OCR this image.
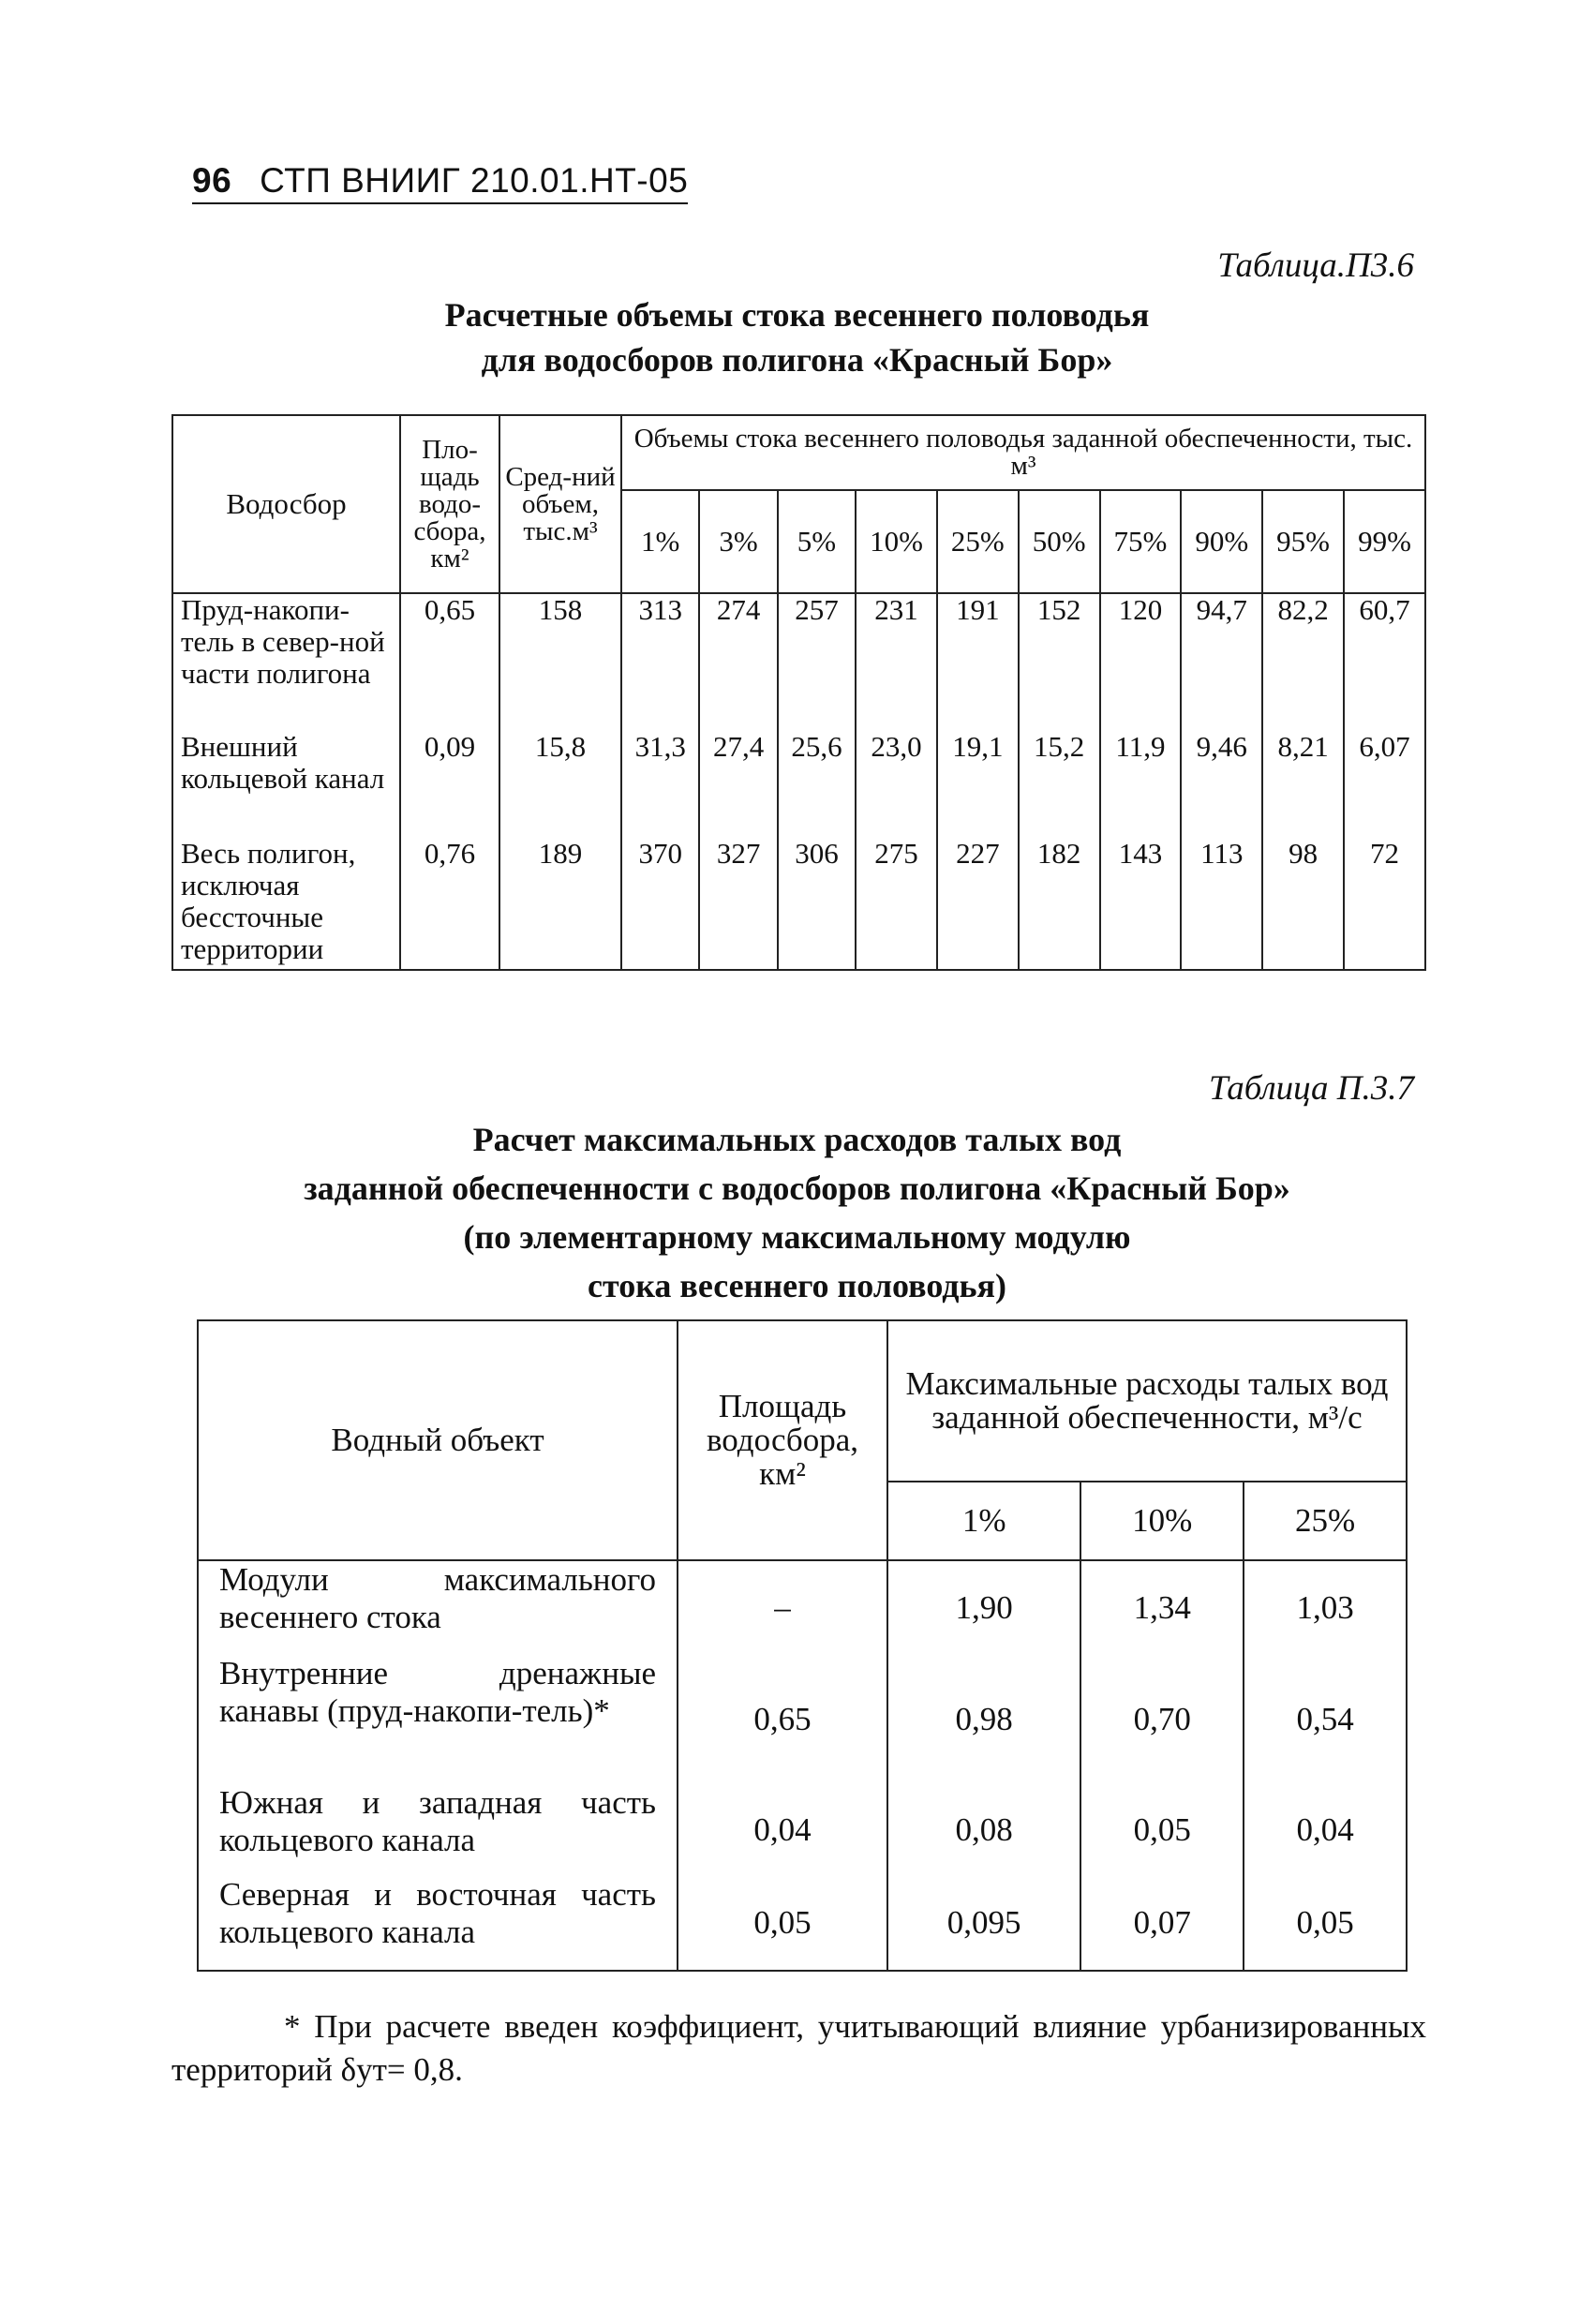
96 СТП ВНИИГ 210.01.НТ-05
Таблица.П3.6
Расчетные объемы стока весеннего половодья
для водосборов полигона «Красный Бор»
Водосбор	Пло-щадь водо-сбора, км²	Сред-ний объем, тыс.м³	Объемы стока весеннего половодья заданной обеспеченности, тыс. м³									
			1%	3%	5%	10%	25%	50%	75%	90%	95%	99%
Пруд-накопи-тель в север-ной части полигона	0,65	158	313	274	257	231	191	152	120	94,7	82,2	60,7
Внешний кольцевой канал	0,09	15,8	31,3	27,4	25,6	23,0	19,1	15,2	11,9	9,46	8,21	6,07
Весь полигон, исключая бессточные территории	0,76	189	370	327	306	275	227	182	143	113	98	72
Таблица П.3.7
Расчет максимальных расходов талых вод
заданной обеспеченности с водосборов полигона «Красный Бор»
(по элементарному максимальному модулю
стока весеннего половодья)
Водный объект	Площадь водосбора, км²	Максимальные расходы талых вод заданной обеспеченности, м³/с		
		1%	10%	25%
Модули максимального весеннего стока	–	1,90	1,34	1,03
Внутренние дренажные канавы (пруд-накопи-тель)*	0,65	0,98	0,70	0,54
Южная и западная часть кольцевого канала	0,04	0,08	0,05	0,04
Северная и восточная часть кольцевого канала	0,05	0,095	0,07	0,05
* При расчете введен коэффициент, учитывающий влияние урбанизированных территорий δут= 0,8.
